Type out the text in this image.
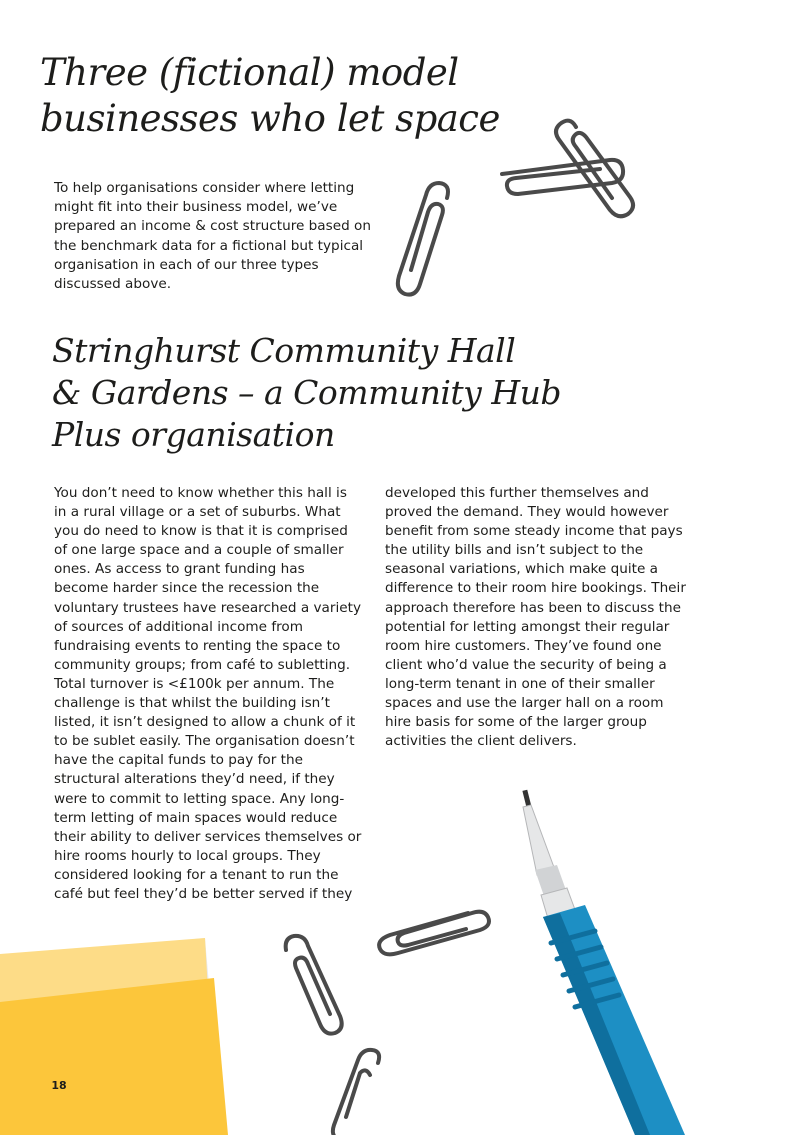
Three (fictional) model
businesses who let space

To help organisations consider where letting might fit into their business model, we’ve prepared an income & cost structure based on the benchmark data for a fictional but typical organisation in each of our three types discussed above.

Stringhurst Community Hall
& Gardens – a Community Hub
Plus organisation

You don’t need to know whether this hall is in a rural village or a set of suburbs. What you do need to know is that it is comprised of one large space and a couple of smaller ones. As access to grant funding has become harder since the recession the voluntary trustees have researched a variety of sources of additional income from fundraising events to renting the space to community groups; from café to subletting. Total turnover is <£100k per annum. The challenge is that whilst the building isn’t listed, it isn’t designed to allow a chunk of it to be sublet easily. The organisation doesn’t have the capital funds to pay for the structural alterations they’d need, if they were to commit to letting space. Any long-term letting of main spaces would reduce their ability to deliver services themselves or hire rooms hourly to local groups. They considered looking for a tenant to run the café but feel they’d be better served if they

developed this further themselves and proved the demand. They would however benefit from some steady income that pays the utility bills and isn’t subject to the seasonal variations, which make quite a difference to their room hire bookings. Their approach therefore has been to discuss the potential for letting amongst their regular room hire customers. They’ve found one client who’d value the security of being a long-term tenant in one of their smaller spaces and use the larger hall on a room hire basis for some of the larger group activities the client delivers.

18
